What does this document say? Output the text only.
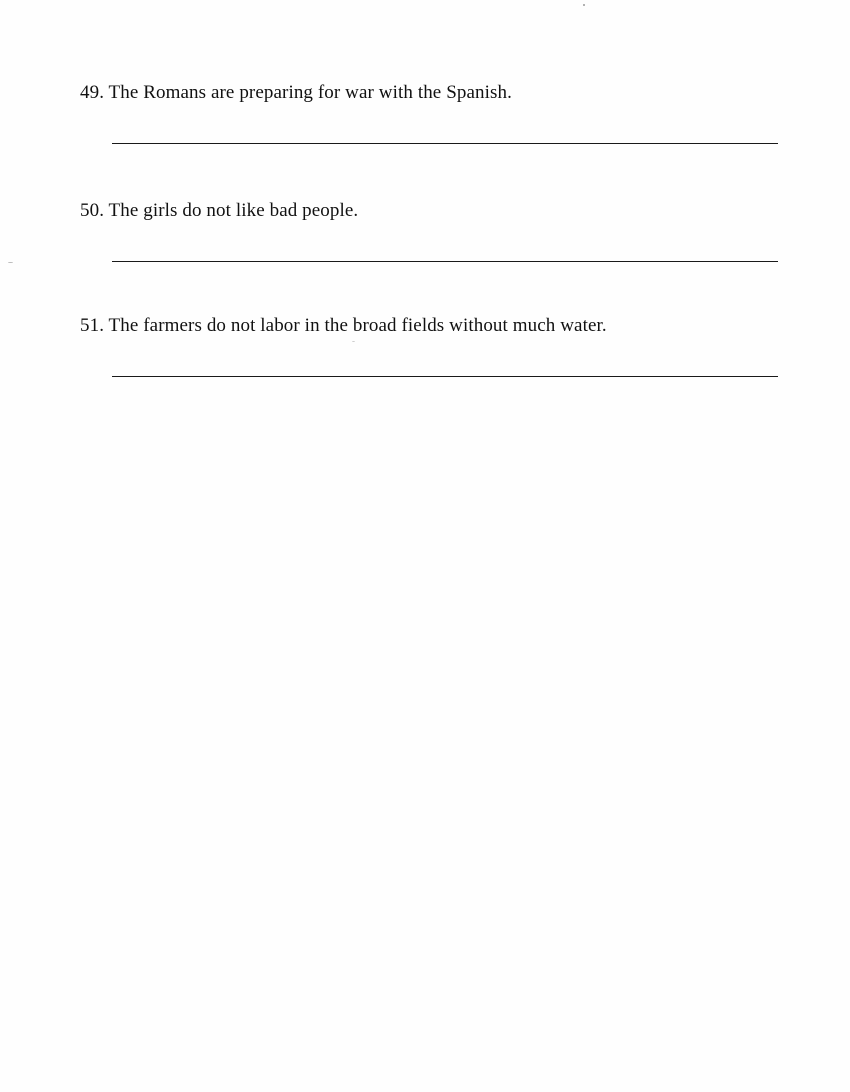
49. The Romans are preparing for war with the Spanish.
50. The girls do not like bad people.
51. The farmers do not labor in the broad fields without much water.
